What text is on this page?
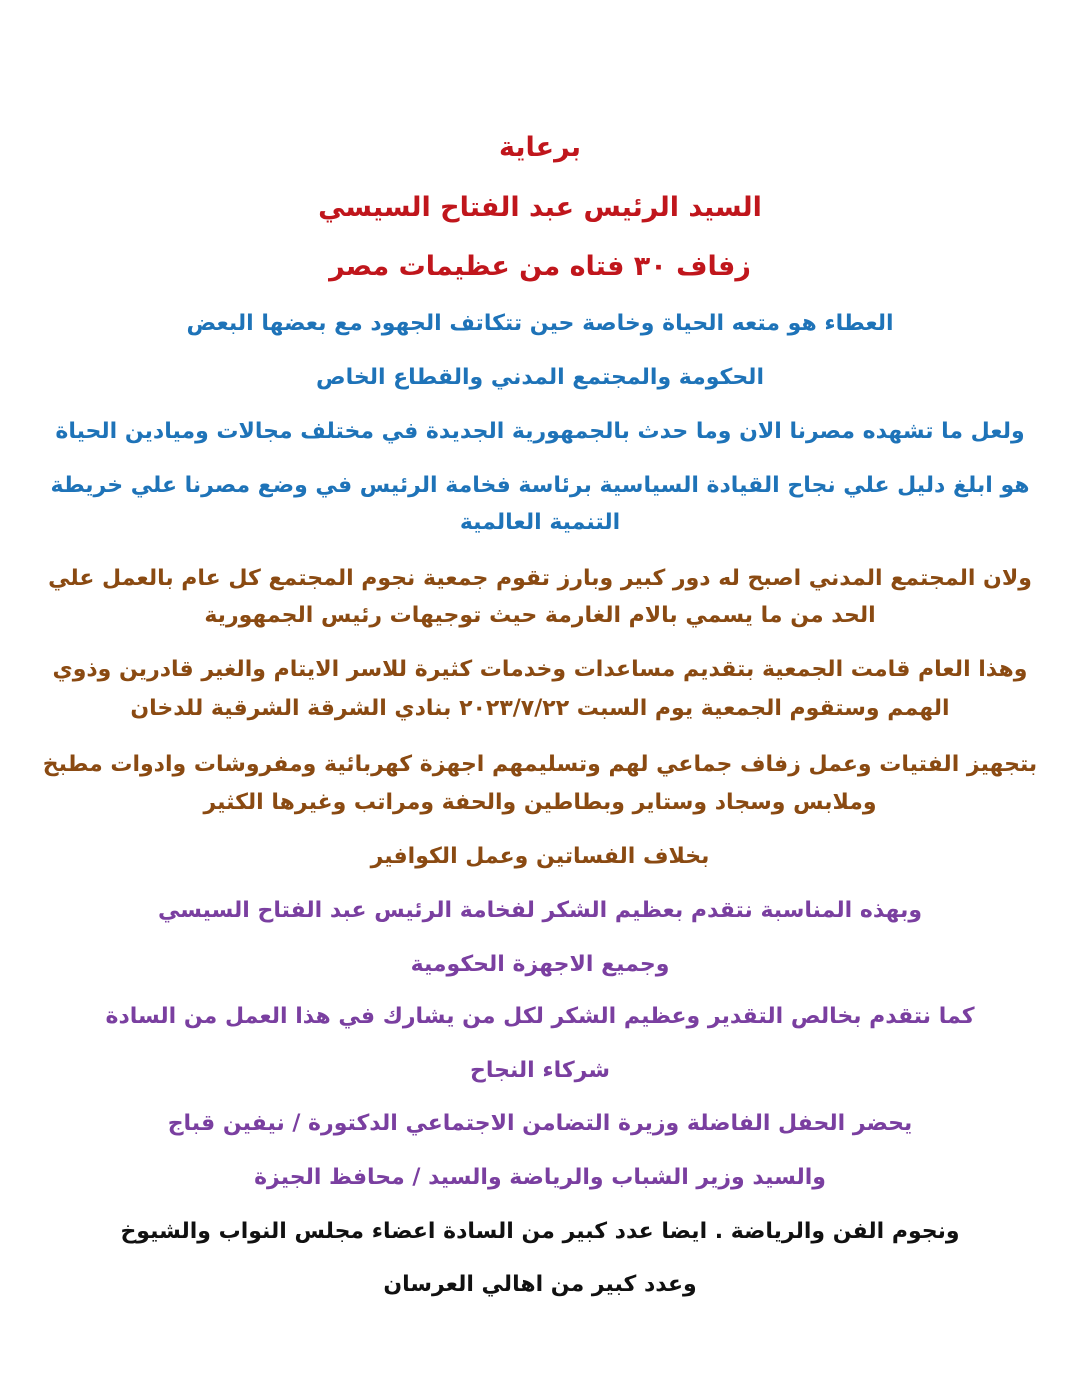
برعاية
السيد الرئيس عبد الفتاح السيسي
زفاف ٣٠ فتاه من عظيمات مصر
العطاء هو متعه الحياة وخاصة حين تتكاتف الجهود مع بعضها البعض
الحكومة والمجتمع المدني والقطاع الخاص
ولعل ما تشهده مصرنا الان وما حدث بالجمهورية الجديدة في مختلف مجالات وميادين الحياة
هو ابلغ دليل علي نجاح القيادة السياسية برئاسة فخامة الرئيس في وضع مصرنا علي خريطة
التنمية العالمية
ولان المجتمع المدني اصبح له دور كبير وبارز تقوم جمعية نجوم المجتمع كل عام بالعمل علي
الحد من ما يسمي بالام الغارمة حيث توجيهات رئيس الجمهورية
وهذا العام قامت الجمعية بتقديم مساعدات وخدمات كثيرة للاسر الايتام والغير قادرين وذوي
الهمم وستقوم الجمعية يوم السبت ٢٠٢٣/٧/٢٢ بنادي الشرقة الشرقية للدخان
بتجهيز الفتيات وعمل زفاف جماعي لهم وتسليمهم اجهزة كهربائية ومفروشات وادوات مطبخ
وملابس وسجاد وستاير وبطاطين والحفة ومراتب وغيرها الكثير
بخلاف الفساتين وعمل الكوافير
وبهذه المناسبة نتقدم بعظيم الشكر لفخامة الرئيس عبد الفتاح السيسي
وجميع الاجهزة الحكومية
كما نتقدم بخالص التقدير وعظيم الشكر لكل من يشارك في هذا العمل من السادة
شركاء النجاح
يحضر الحفل الفاضلة وزيرة التضامن الاجتماعي الدكتورة / نيفين قباج
والسيد وزير الشباب والرياضة والسيد / محافظ الجيزة
ونجوم الفن والرياضة . ايضا عدد كبير من السادة اعضاء مجلس النواب والشيوخ
وعدد كبير من اهالي العرسان
